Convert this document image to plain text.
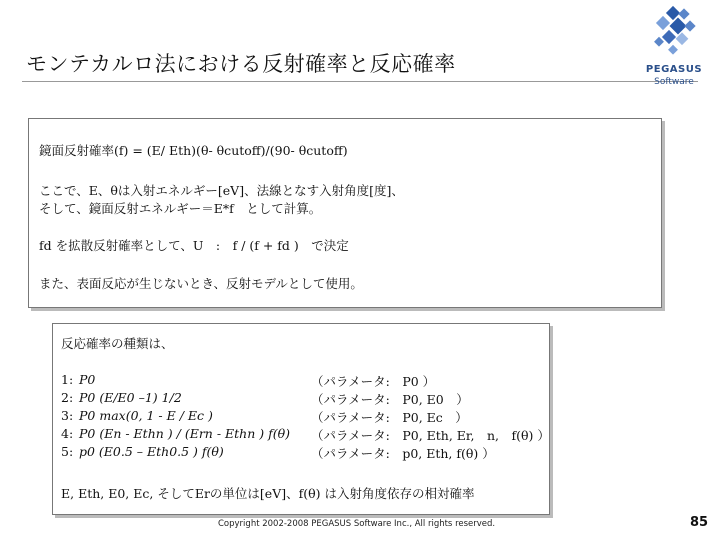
モンテカルロ法における反射確率と反応確率	PEGASUS
Software
鏡面反射確率(f) = (E/ Eth)(θ- θcutoff)/(90- θcutoff)
ここで、E、θは入射エネルギー[eV]、法線となす入射角度[度]、
そして、鏡面反射エネルギー＝E*f　として計算。
fd を拡散反射確率として、U　:　f / (f + fd )　で決定
また、表面反応が生じないとき、反射モデルとして使用。
反応確率の種類は、
1: P0	（パラメータ:　P0 ）
2: P0 (E/E0 –1) 1/2	（パラメータ:　P0, E0　）
3: P0 max(0, 1 - E / Ec )	（パラメータ:　P0, Ec　）
4: P0 (En - Ethn ) / (Ern - Ethn ) f(θ) （パラメータ:　P0, Eth, Er,　n,　f(θ) ）
5: p0 (E0.5 – Eth0.5 ) f(θ)	（パラメータ:　p0, Eth, f(θ) ）
E, Eth, E0, Ec, そしてErの単位は[eV]、f(θ) は入射角度依存の相対確率
Copyright 2002-2008 PEGASUS Software Inc., All rights reserved.	85
